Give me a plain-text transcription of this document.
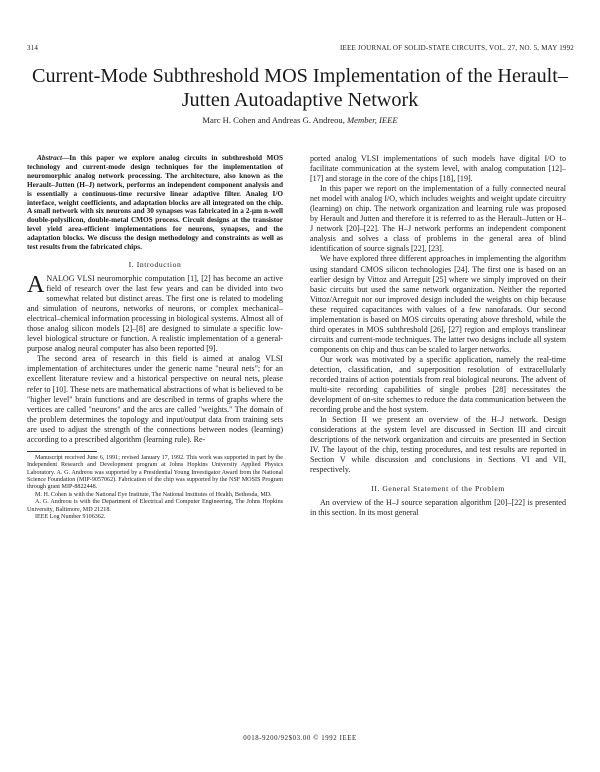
314	IEEE JOURNAL OF SOLID-STATE CIRCUITS, VOL. 27, NO. 5, MAY 1992
Current-Mode Subthreshold MOS Implementation of the Herault–Jutten Autoadaptive Network
Marc H. Cohen and Andreas G. Andreou, Member, IEEE

Abstract—In this paper we explore analog circuits in subthreshold MOS technology and current-mode design techniques for the implementation of neuromorphic analog network processing. The architecture, also known as the Herault–Jutten (H–J) network, performs an independent component analysis and is essentially a continuous-time recursive linear adaptive filter. Analog I/O interface, weight coefficients, and adaptation blocks are all integrated on the chip. A small network with six neurons and 30 synapses was fabricated in a 2-μm n-well double-polysilicon, double-metal CMOS process. Circuit designs at the transistor level yield area-efficient implementations for neurons, synapses, and the adaptation blocks. We discuss the design methodology and constraints as well as test results from the fabricated chips.

I. Introduction

ANALOG VLSI neuromorphic computation [1], [2] has become an active field of research over the last few years and can be divided into two somewhat related but distinct areas. The first one is related to modeling and simulation of neurons, networks of neurons, or complex mechanical–electrical–chemical information processing in biological systems. Almost all of those analog silicon models [2]–[8] are designed to simulate a specific low-level biological structure or function. A realistic implementation of a general-purpose analog neural computer has also been reported [9].

The second area of research in this field is aimed at analog VLSI implementation of architectures under the generic name "neural nets"; for an excellent literature review and a historical perspective on neural nets, please refer to [10]. These nets are mathematical abstractions of what is believed to be "higher level" brain functions and are described in terms of graphs where the vertices are called "neurons" and the arcs are called "weights." The domain of the problem determines the topology and input/output data from training sets are used to adjust the strength of the connections between nodes (learning) according to a prescribed algorithm (learning rule). Re-

Manuscript received June 6, 1991; revised January 17, 1992. This work was supported in part by the Independent Research and Development program at Johns Hopkins University Applied Physics Laboratory. A. G. Andreou was supported by a Presidential Young Investigator Award from the National Science Foundation (MIP-9057062). Fabrication of the chip was supported by the NSF MOSIS Program through grant MIP-8822448.

M. H. Cohen is with the National Eye Institute, The National Institutes of Health, Bethesda, MD.

A. G. Andreou is with the Department of Electrical and Computer Engineering, The Johns Hopkins University, Baltimore, MD 21218.

IEEE Log Number 9106362.

ported analog VLSI implementations of such models have digital I/O to facilitate communication at the system level, with analog computation [12]–[17] and storage in the core of the chips [18], [19].

In this paper we report on the implementation of a fully connected neural net model with analog I/O, which includes weights and weight update circuitry (learning) on chip. The network organization and learning rule was proposed by Herault and Jutten and therefore it is referred to as the Herault–Jutten or H–J network [20]–[22]. The H–J network performs an independent component analysis and solves a class of problems in the general area of blind identification of source signals [22], [23].

We have explored three different approaches in implementing the algorithm using standard CMOS silicon technologies [24]. The first one is based on an earlier design by Vittoz and Arreguit [25] where we simply improved on their basic circuits but used the same network organization. Neither the reported Vittoz/Arreguit nor our improved design included the weights on chip because these required capacitances with values of a few nanofarads. Our second implementation is based on MOS circuits operating above threshold, while the third operates in MOS subthreshold [26], [27] region and employs translinear circuits and current-mode techniques. The latter two designs include all system components on chip and thus can be scaled to larger networks.

Our work was motivated by a specific application, namely the real-time detection, classification, and superposition resolution of extracellularly recorded trains of action potentials from real biological neurons. The advent of multi-site recording capabilities of single probes [28] necessitates the development of on-site schemes to reduce the data communication between the recording probe and the host system.

In Section II we present an overview of the H–J network. Design considerations at the system level are discussed in Section III and circuit descriptions of the network organization and circuits are presented in Section IV. The layout of the chip, testing procedures, and test results are reported in Section V while discussion and conclusions in Sections VI and VII, respectively.

II. General Statement of the Problem

An overview of the H–J source separation algorithm [20]–[22] is presented in this section. In its most general

0018-9200/92$03.00 © 1992 IEEE
